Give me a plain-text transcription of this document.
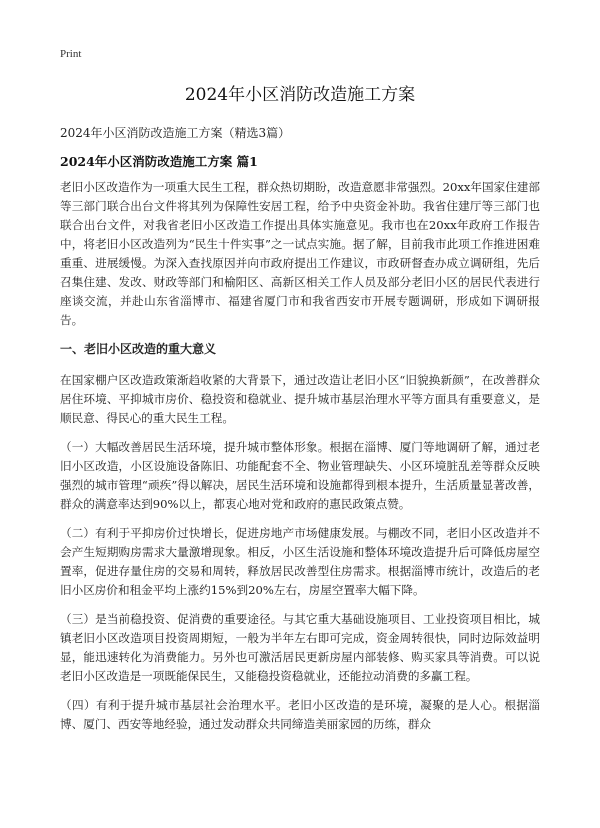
Print
2024年小区消防改造施工方案

2024年小区消防改造施工方案（精选3篇）

2024年小区消防改造施工方案 篇1

老旧小区改造作为一项重大民生工程，群众热切期盼，改造意愿非常强烈。20xx年国家住建部等三部门联合出台文件将其列为保障性安居工程，给予中央资金补助。我省住建厅等三部门也联合出台文件，对我省老旧小区改造工作提出具体实施意见。我市也在20xx年政府工作报告中，将老旧小区改造列为“民生十件实事”之一试点实施。据了解，目前我市此项工作推进困难重重、进展缓慢。为深入查找原因并向市政府提出工作建议，市政研督查办成立调研组，先后召集住建、发改、财政等部门和榆阳区、高新区相关工作人员及部分老旧小区的居民代表进行座谈交流，并赴山东省淄博市、福建省厦门市和我省西安市开展专题调研，形成如下调研报告。

一、老旧小区改造的重大意义

在国家棚户区改造政策渐趋收紧的大背景下，通过改造让老旧小区“旧貌换新颜”，在改善群众居住环境、平抑城市房价、稳投资和稳就业、提升城市基层治理水平等方面具有重要意义，是顺民意、得民心的重大民生工程。

（一）大幅改善居民生活环境，提升城市整体形象。根据在淄博、厦门等地调研了解，通过老旧小区改造，小区设施设备陈旧、功能配套不全、物业管理缺失、小区环境脏乱差等群众反映强烈的城市管理“顽疾”得以解决，居民生活环境和设施都得到根本提升，生活质量显著改善，群众的满意率达到90%以上，都衷心地对党和政府的惠民政策点赞。

（二）有利于平抑房价过快增长，促进房地产市场健康发展。与棚改不同，老旧小区改造并不会产生短期购房需求大量激增现象。相反，小区生活设施和整体环境改造提升后可降低房屋空置率，促进存量住房的交易和周转，释放居民改善型住房需求。根据淄博市统计，改造后的老旧小区房价和租金平均上涨约15%到20%左右，房屋空置率大幅下降。

（三）是当前稳投资、促消费的重要途径。与其它重大基础设施项目、工业投资项目相比，城镇老旧小区改造项目投资周期短，一般为半年左右即可完成，资金周转很快，同时边际效益明显，能迅速转化为消费能力。另外也可激活居民更新房屋内部装修、购买家具等消费。可以说老旧小区改造是一项既能保民生，又能稳投资稳就业，还能拉动消费的多赢工程。

（四）有利于提升城市基层社会治理水平。老旧小区改造的是环境，凝聚的是人心。根据淄博、厦门、西安等地经验，通过发动群众共同缔造美丽家园的历练，群众
